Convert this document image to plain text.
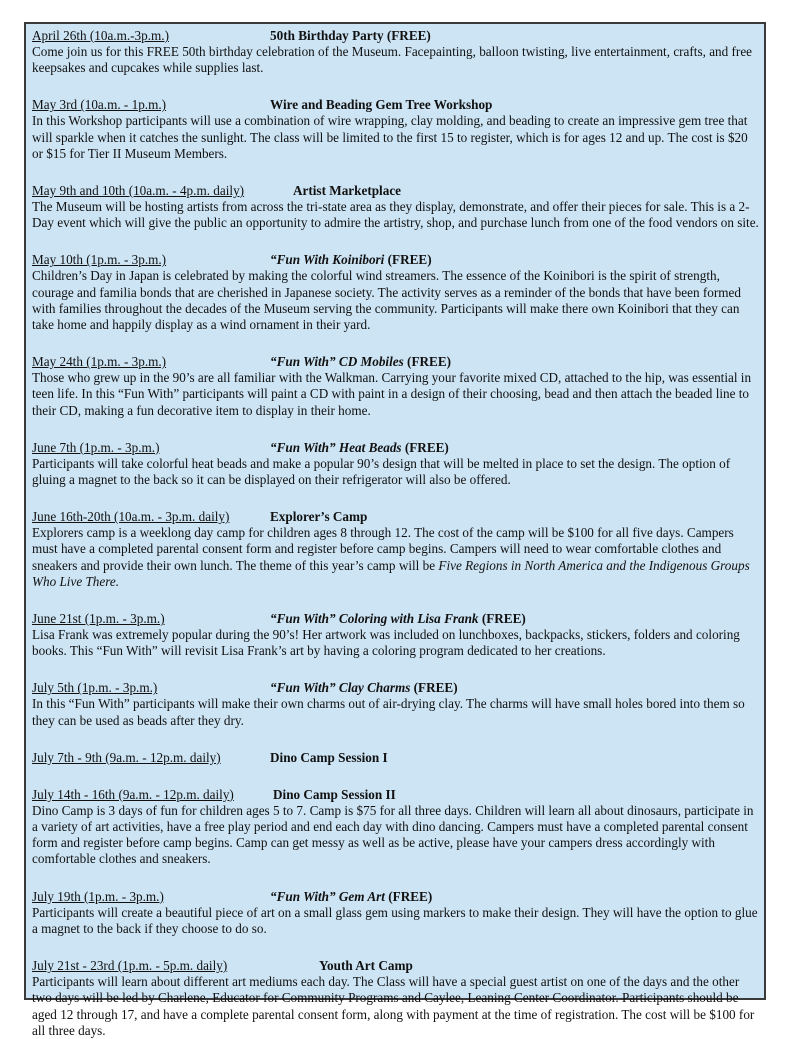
April 26th (10a.m.-3p.m.)	50th Birthday Party (FREE)

Come join us for this FREE 50th birthday celebration of the Museum. Facepainting, balloon twisting, live entertainment, crafts, and free keepsakes and cupcakes while supplies last.

May 3rd (10a.m. - 1p.m.)	Wire and Beading Gem Tree Workshop

In this Workshop participants will use a combination of wire wrapping, clay molding, and beading to create an impressive gem tree that will sparkle when it catches the sunlight. The class will be limited to the first 15 to register, which is for ages 12 and up. The cost is $20 or $15 for Tier II Museum Members.

May 9th and 10th (10a.m. - 4p.m. daily)	Artist Marketplace

The Museum will be hosting artists from across the tri-state area as they display, demonstrate, and offer their pieces for sale. This is a 2-Day event which will give the public an opportunity to admire the artistry, shop, and purchase lunch from one of the food vendors on site.

May 10th (1p.m. - 3p.m.)	“Fun With Koinibori (FREE)

Children’s Day in Japan is celebrated by making the colorful wind streamers. The essence of the Koinibori is the spirit of strength, courage and familia bonds that are cherished in Japanese society. The activity serves as a reminder of the bonds that have been formed with families throughout the decades of the Museum serving the community. Participants will make there own Koinibori that they can take home and happily display as a wind ornament in their yard.

May 24th (1p.m. - 3p.m.)	“Fun With” CD Mobiles (FREE)

Those who grew up in the 90’s are all familiar with the Walkman. Carrying your favorite mixed CD, attached to the hip, was essential in teen life. In this “Fun With” participants will paint a CD with paint in a design of their choosing, bead and then attach the beaded line to their CD, making a fun decorative item to display in their home.

June 7th (1p.m. - 3p.m.)	“Fun With” Heat Beads (FREE)

Participants will take colorful heat beads and make a popular 90’s design that will be melted in place to set the design. The option of gluing a magnet to the back so it can be displayed on their refrigerator will also be offered.

June 16th-20th (10a.m. - 3p.m. daily)	Explorer’s Camp

Explorers camp is a weeklong day camp for children ages 8 through 12. The cost of the camp will be $100 for all five days. Campers must have a completed parental consent form and register before camp begins. Campers will need to wear comfortable clothes and sneakers and provide their own lunch. The theme of this year’s camp will be Five Regions in North America and the Indigenous Groups Who Live There.

June 21st (1p.m. - 3p.m.)	“Fun With” Coloring with Lisa Frank (FREE)

Lisa Frank was extremely popular during the 90’s! Her artwork was included on lunchboxes, backpacks, stickers, folders and coloring books. This “Fun With” will revisit Lisa Frank’s art by having a coloring program dedicated to her creations.

July 5th (1p.m. - 3p.m.)	“Fun With” Clay Charms (FREE)

In this “Fun With” participants will make their own charms out of air-drying clay. The charms will have small holes bored into them so they can be used as beads after they dry.

July 7th - 9th (9a.m. - 12p.m. daily)	Dino Camp Session I
July 14th - 16th (9a.m. - 12p.m. daily)	Dino Camp Session II

Dino Camp is 3 days of fun for children ages 5 to 7. Camp is $75 for all three days. Children will learn all about dinosaurs, participate in a variety of art activities, have a free play period and end each day with dino dancing. Campers must have a completed parental consent form and register before camp begins. Camp can get messy as well as be active, please have your campers dress accordingly with comfortable clothes and sneakers.

July 19th (1p.m. - 3p.m.)	“Fun With” Gem Art (FREE)

Participants will create a beautiful piece of art on a small glass gem using markers to make their design. They will have the option to glue a magnet to the back if they choose to do so.

July 21st - 23rd (1p.m. - 5p.m. daily)	Youth Art Camp

Participants will learn about different art mediums each day. The Class will have a special guest artist on one of the days and the other two days will be led by Charlene, Educator for Community Programs and Caylee, Leaning Center Coordinator. Participants should be aged 12 through 17, and have a complete parental consent form, along with payment at the time of registration. The cost will be $100 for all three days.
